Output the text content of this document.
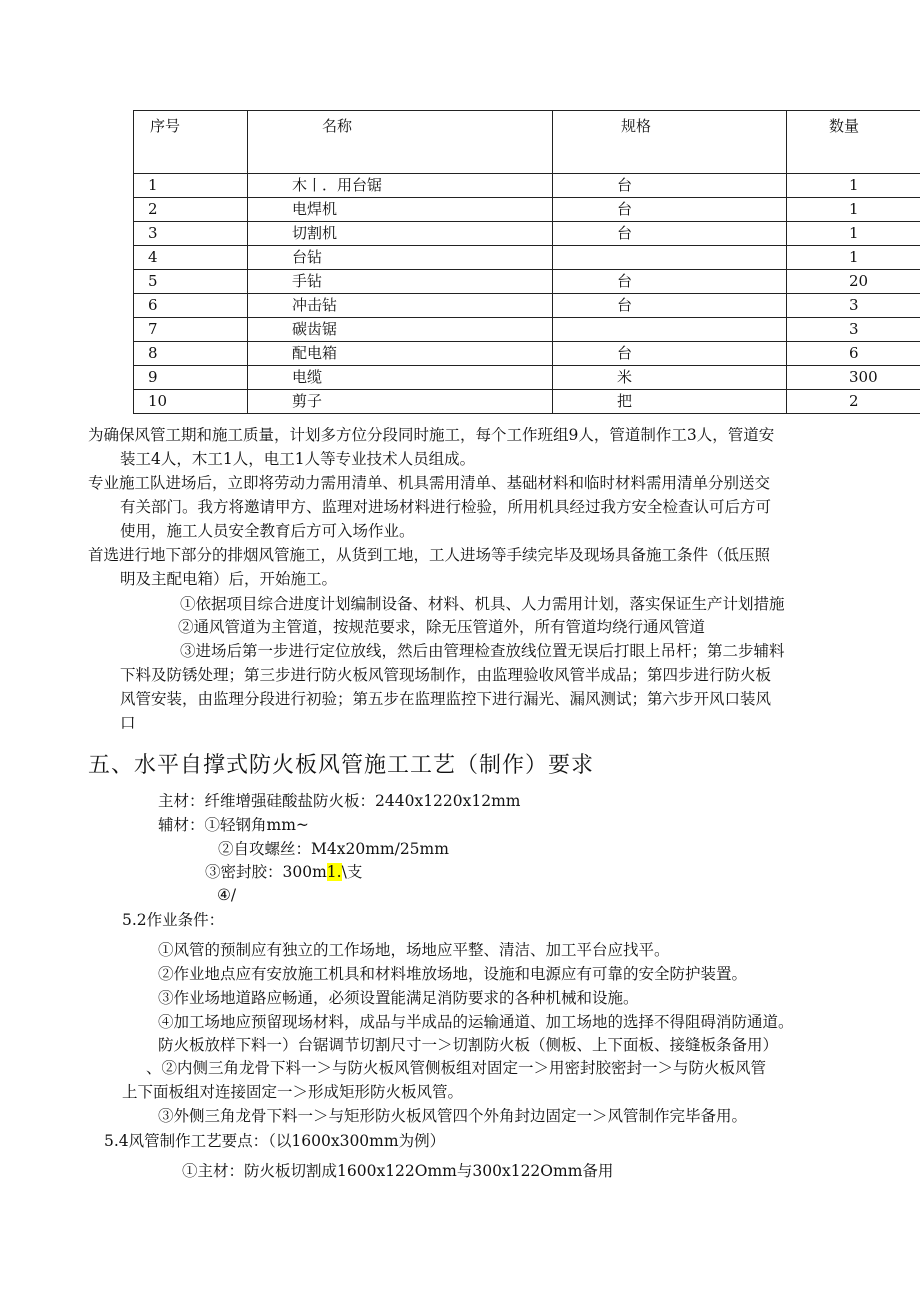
序号	名称	规格	数量
1	木丨．用台锯	台	1
2	电焊机	台	1
3	切割机	台	1
4	台钻		1
5	手钻	台	20
6	冲击钻	台	3
7	碳齿锯		3
8	配电箱	台	6
9	电缆	米	300
10	剪子	把	2
为确保风管工期和施工质量，计划多方位分段同时施工，每个工作班组9人，管道制作工3人，管道安
装工4人，木工1人，电工1人等专业技术人员组成。
专业施工队进场后，立即将劳动力需用清单、机具需用清单、基础材料和临时材料需用清单分别送交
有关部门。我方将邀请甲方、监理对进场材料进行检验，所用机具经过我方安全检查认可后方可
使用，施工人员安全教育后方可入场作业。
首选进行地下部分的排烟风管施工，从货到工地，工人进场等手续完毕及现场具备施工条件（低压照
明及主配电箱）后，开始施工。
①依据项目综合进度计划编制设备、材料、机具、人力需用计划，落实保证生产计划措施
②通风管道为主管道，按规范要求，除无压管道外，所有管道均绕行通风管道
③进场后第一步进行定位放线，然后由管理检查放线位置无误后打眼上吊杆；第二步辅料
下料及防锈处理；第三步进行防火板风管现场制作，由监理验收风管半成品；第四步进行防火板
风管安装，由监理分段进行初验；第五步在监理监控下进行漏光、漏风测试；第六步开风口装风
口
五、水平自撑式防火板风管施工工艺（制作）要求
主材：纤维增强硅酸盐防火板：2440x1220x12mm
辅材：①轻钢角mm~
②自攻螺丝：M4x20mm/25mm
③密封胶：300m1.\支
④/
5.2作业条件：
①风管的预制应有独立的工作场地，场地应平整、清洁、加工平台应找平。
②作业地点应有安放施工机具和材料堆放场地，设施和电源应有可靠的安全防护装置。
③作业场地道路应畅通，必须设置能满足消防要求的各种机械和设施。
④加工场地应预留现场材料，成品与半成品的运输通道、加工场地的选择不得阻碍消防通道。
防火板放样下料一）台锯调节切割尺寸一＞切割防火板（侧板、上下面板、接缝板条备用）
、②内侧三角龙骨下料一＞与防火板风管侧板组对固定一＞用密封胶密封一＞与防火板风管
上下面板组对连接固定一＞形成矩形防火板风管。
③外侧三角龙骨下料一＞与矩形防火板风管四个外角封边固定一＞风管制作完毕备用。
5.4风管制作工艺要点：（以1600x300mm为例）
①主材：防火板切割成1600x122Omm与300x122Omm备用
